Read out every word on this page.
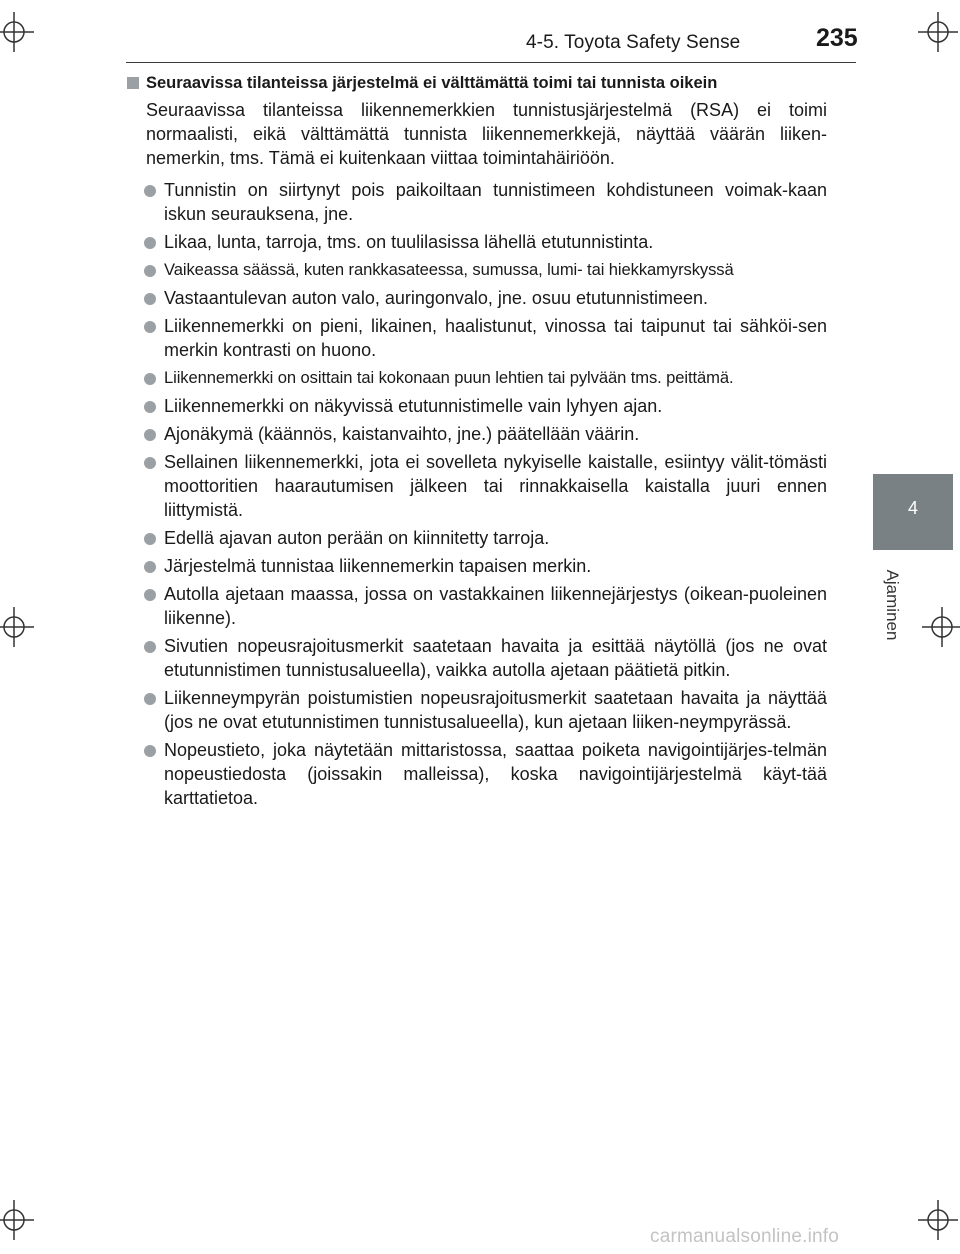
4-5. Toyota Safety Sense	235
4
Ajaminen
Seuraavissa tilanteissa järjestelmä ei välttämättä toimi tai tunnista oikein
Seuraavissa tilanteissa liikennemerkkien tunnistusjärjestelmä (RSA) ei toimi normaalisti, eikä välttämättä tunnista liikennemerkkejä, näyttää väärän liiken-nemerkin, tms. Tämä ei kuitenkaan viittaa toimintahäiriöön.
Tunnistin on siirtynyt pois paikoiltaan tunnistimeen kohdistuneen voimak-kaan iskun seurauksena, jne.
Likaa, lunta, tarroja, tms. on tuulilasissa lähellä etutunnistinta.
Vaikeassa säässä, kuten rankkasateessa, sumussa, lumi- tai hiekkamyrskyssä
Vastaantulevan auton valo, auringonvalo, jne. osuu etutunnistimeen.
Liikennemerkki on pieni, likainen, haalistunut, vinossa tai taipunut tai sähköi-sen merkin kontrasti on huono.
Liikennemerkki on osittain tai kokonaan puun lehtien tai pylvään tms. peittämä.
Liikennemerkki on näkyvissä etutunnistimelle vain lyhyen ajan.
Ajonäkymä (käännös, kaistanvaihto, jne.) päätellään väärin.
Sellainen liikennemerkki, jota ei sovelleta nykyiselle kaistalle, esiintyy välit-tömästi moottoritien haarautumisen jälkeen tai rinnakkaisella kaistalla juuri ennen liittymistä.
Edellä ajavan auton perään on kiinnitetty tarroja.
Järjestelmä tunnistaa liikennemerkin tapaisen merkin.
Autolla ajetaan maassa, jossa on vastakkainen liikennejärjestys (oikean-puoleinen liikenne).
Sivutien nopeusrajoitusmerkit saatetaan havaita ja esittää näytöllä (jos ne ovat etutunnistimen tunnistusalueella), vaikka autolla ajetaan päätietä pitkin.
Liikenneympyrän poistumistien nopeusrajoitusmerkit saatetaan havaita ja näyttää (jos ne ovat etutunnistimen tunnistusalueella), kun ajetaan liiken-neympyrässä.
Nopeustieto, joka näytetään mittaristossa, saattaa poiketa navigointijärjes-telmän nopeustiedosta (joissakin malleissa), koska navigointijärjestelmä käyt-tää karttatietoa.
carmanualsonline.info
